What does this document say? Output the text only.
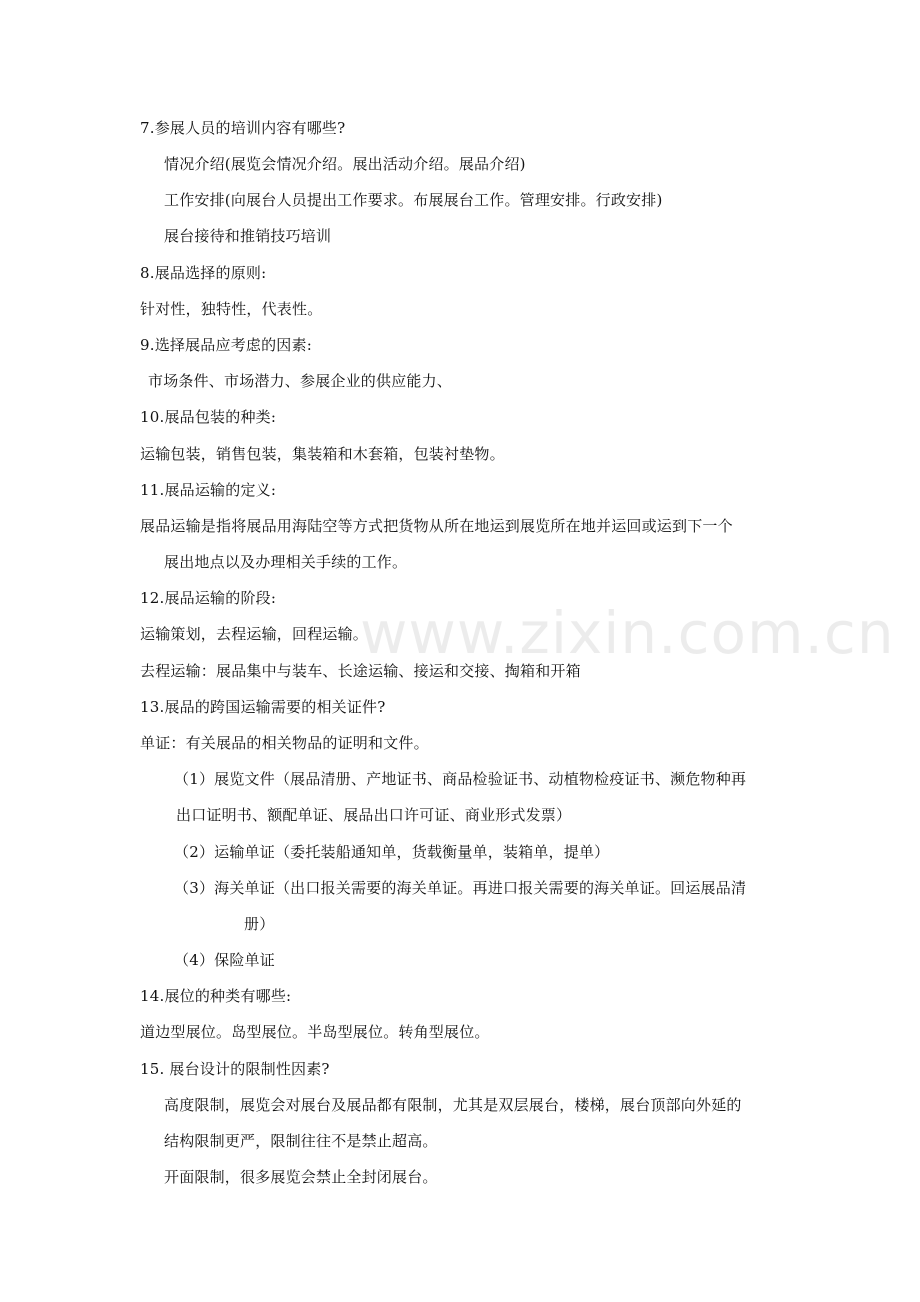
www.zixin.com.cn
7.参展人员的培训内容有哪些?
情况介绍(展览会情况介绍。展出活动介绍。展品介绍)
工作安排(向展台人员提出工作要求。布展展台工作。管理安排。行政安排)
展台接待和推销技巧培训
8.展品选择的原则:
针对性，独特性，代表性。
9.选择展品应考虑的因素:
市场条件、市场潜力、参展企业的供应能力、
10.展品包装的种类:
运输包装，销售包装，集装箱和木套箱，包装衬垫物。
11.展品运输的定义:
展品运输是指将展品用海陆空等方式把货物从所在地运到展览所在地并运回或运到下一个
展出地点以及办理相关手续的工作。
12.展品运输的阶段:
运输策划，去程运输，回程运输。
去程运输：展品集中与装车、长途运输、接运和交接、掏箱和开箱
13.展品的跨国运输需要的相关证件?
单证：有关展品的相关物品的证明和文件。
（1）展览文件（展品清册、产地证书、商品检验证书、动植物检疫证书、濒危物种再
出口证明书、额配单证、展品出口许可证、商业形式发票）
（2）运输单证（委托装船通知单，货载衡量单，装箱单，提单）
（3）海关单证（出口报关需要的海关单证。再进口报关需要的海关单证。回运展品清
册）
（4）保险单证
14.展位的种类有哪些:
道边型展位。岛型展位。半岛型展位。转角型展位。
15. 展台设计的限制性因素?
高度限制，展览会对展台及展品都有限制，尤其是双层展台，楼梯，展台顶部向外延的
结构限制更严，限制往往不是禁止超高。
开面限制，很多展览会禁止全封闭展台。
